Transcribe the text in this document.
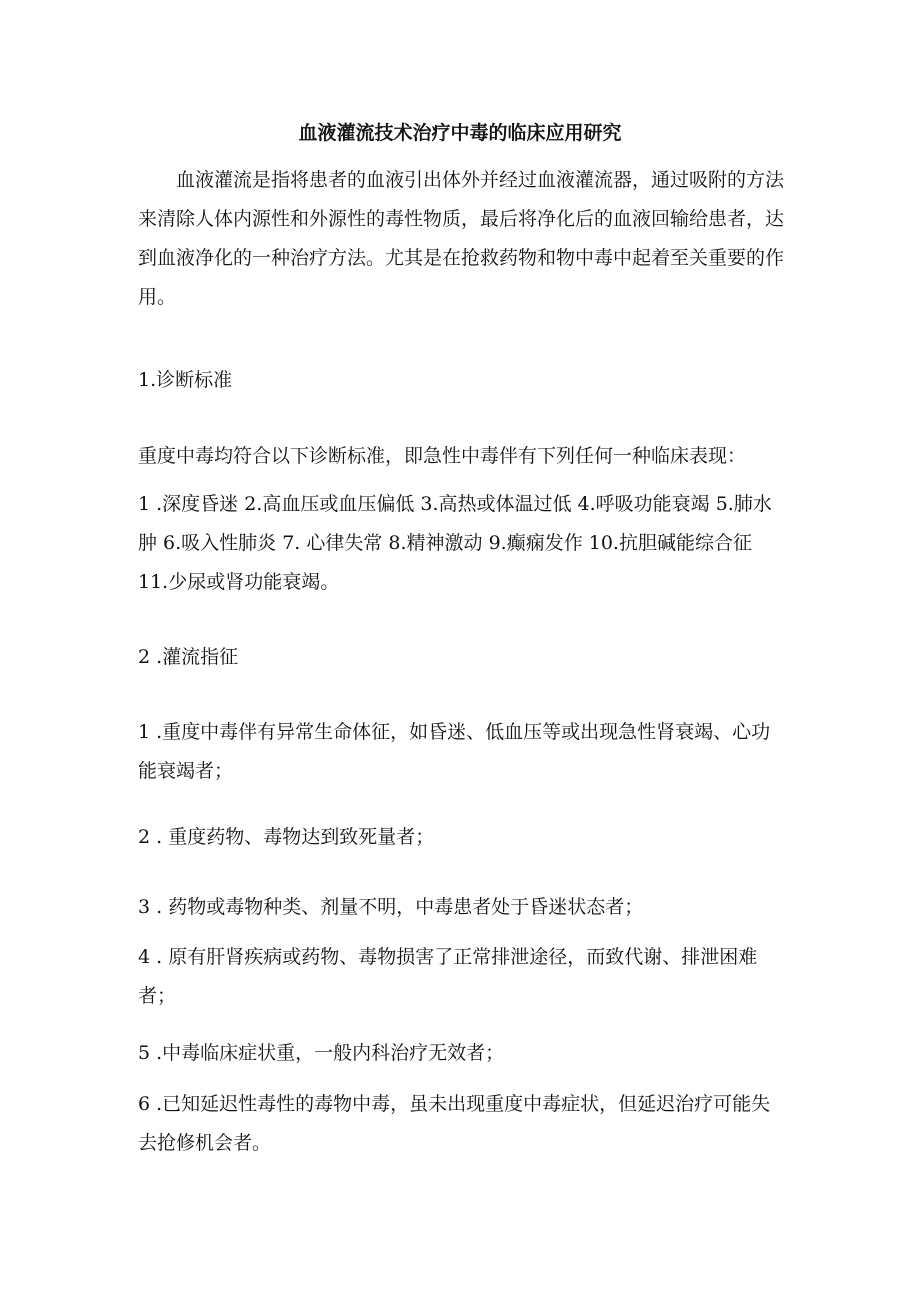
血液灌流技术治疗中毒的临床应用研究

血液灌流是指将患者的血液引出体外并经过血液灌流器，通过吸附的方法来清除人体内源性和外源性的毒性物质，最后将净化后的血液回输给患者，达到血液净化的一种治疗方法。尤其是在抢救药物和物中毒中起着至关重要的作用。

1.诊断标准

重度中毒均符合以下诊断标准，即急性中毒伴有下列任何一种临床表现：

1 .深度昏迷 2.高血压或血压偏低 3.高热或体温过低 4.呼吸功能衰竭 5.肺水肿 6.吸入性肺炎 7. 心律失常 8.精神激动 9.癫痫发作 10.抗胆碱能综合征 11.少尿或肾功能衰竭。

2 .灌流指征

1 .重度中毒伴有异常生命体征，如昏迷、低血压等或出现急性肾衰竭、心功能衰竭者；

2 . 重度药物、毒物达到致死量者；

3 . 药物或毒物种类、剂量不明，中毒患者处于昏迷状态者；

4 . 原有肝肾疾病或药物、毒物损害了正常排泄途径，而致代谢、排泄困难者；

5 .中毒临床症状重，一般内科治疗无效者；

6 .已知延迟性毒性的毒物中毒，虽未出现重度中毒症状，但延迟治疗可能失去抢修机会者。
